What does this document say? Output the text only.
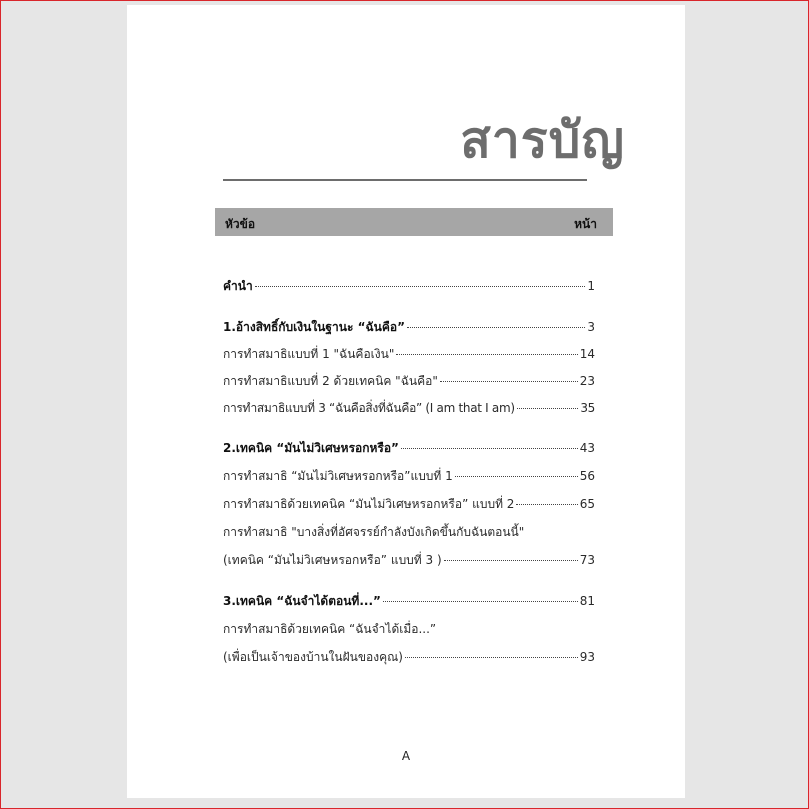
สารบัญ
หัวข้อ	หน้า
คำนำ	1
1.อ้างสิทธิ์กับเงินในฐานะ “ฉันคือ”	3
การทำสมาธิแบบที่ 1 "ฉันคือเงิน"	14
การทำสมาธิแบบที่ 2 ด้วยเทคนิค "ฉันคือ"	23
การทำสมาธิแบบที่ 3 “ฉันคือสิ่งที่ฉันคือ” (I am that I am)	35
2.เทคนิค “มันไม่วิเศษหรอกหรือ”	43
การทำสมาธิ “มันไม่วิเศษหรอกหรือ”แบบที่ 1	56
การทำสมาธิด้วยเทคนิค “มันไม่วิเศษหรอกหรือ” แบบที่ 2	65
การทำสมาธิ "บางสิ่งที่อัศจรรย์กำลังบังเกิดขึ้นกับฉันตอนนี้"
(เทคนิค “มันไม่วิเศษหรอกหรือ” แบบที่ 3 )	73
3.เทคนิค “ฉันจำได้ตอนที่...”	81
การทำสมาธิด้วยเทคนิค “ฉันจำได้เมื่อ...”
(เพื่อเป็นเจ้าของบ้านในฝันของคุณ)	93
A
